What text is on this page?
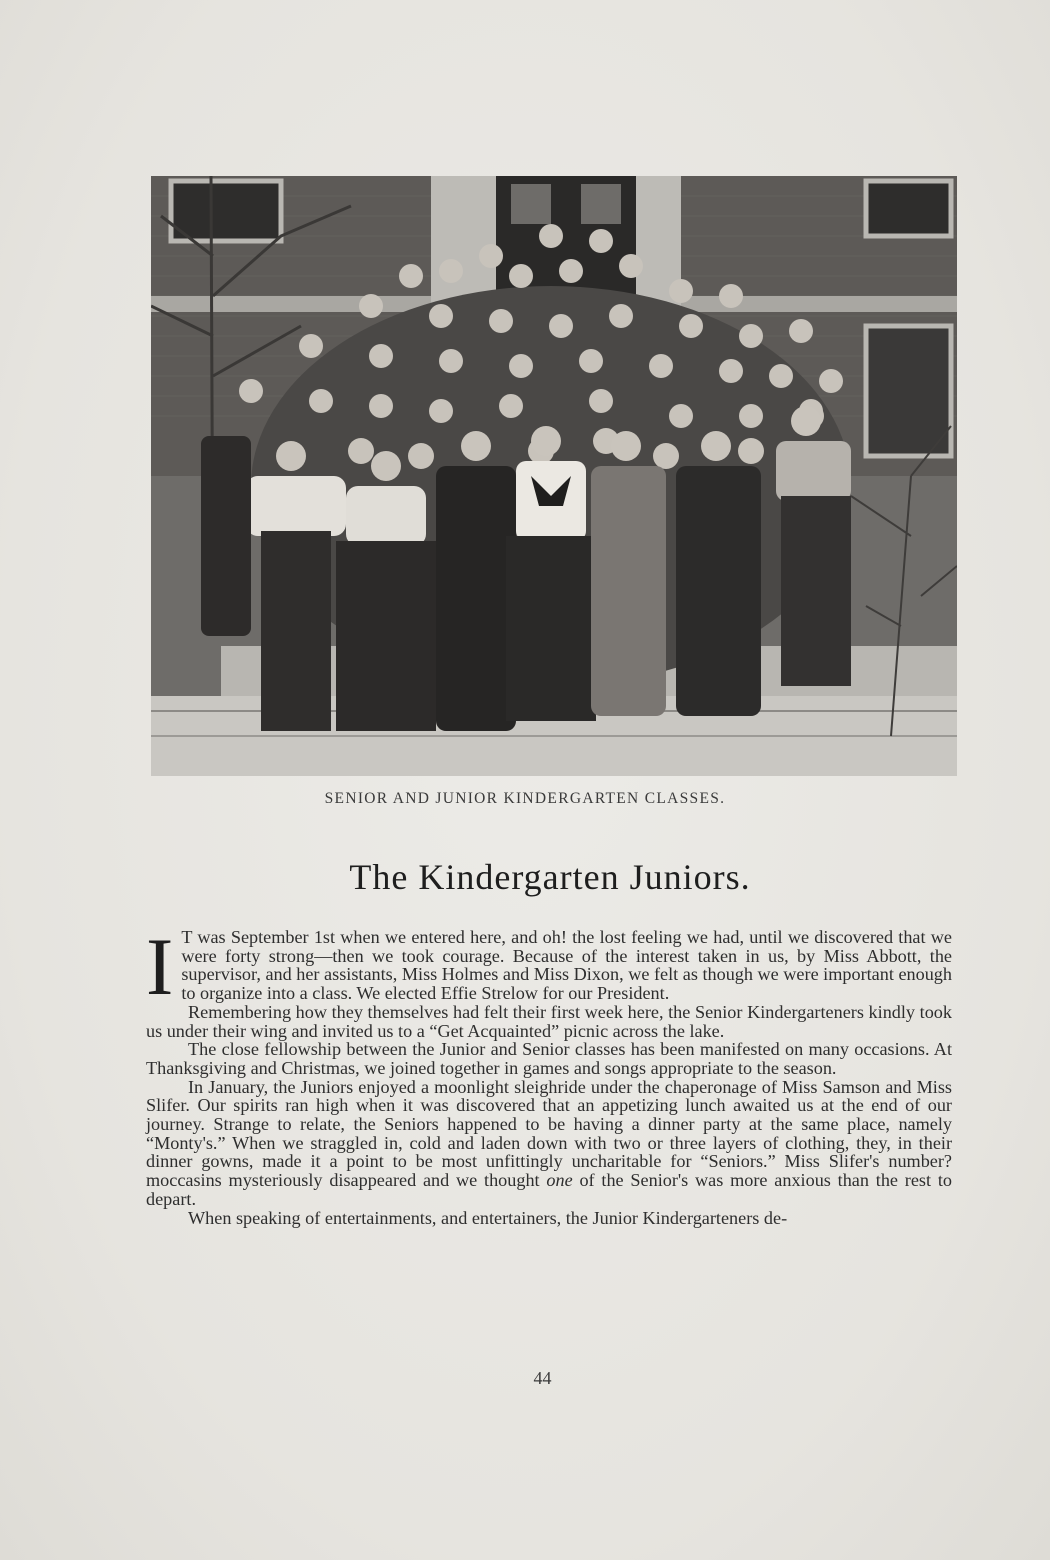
SENIOR AND JUNIOR KINDERGARTEN CLASSES.
The Kindergarten Juniors.

I T was September 1st when we entered here, and oh! the lost feeling we had, until we discovered that we were forty strong—then we took courage. Because of the interest taken in us, by Miss Abbott, the supervisor, and her assistants, Miss Holmes and Miss Dixon, we felt as though we were important enough to organize into a class. We elected Effie Strelow for our President.

Remembering how they themselves had felt their first week here, the Senior Kindergarteners kindly took us under their wing and invited us to a “Get Acquainted” picnic across the lake.

The close fellowship between the Junior and Senior classes has been manifested on many occasions. At Thanksgiving and Christmas, we joined together in games and songs appropriate to the season.

In January, the Juniors enjoyed a moonlight sleighride under the chaperonage of Miss Samson and Miss Slifer. Our spirits ran high when it was discovered that an appetizing lunch awaited us at the end of our journey. Strange to relate, the Seniors happened to be having a dinner party at the same place, namely “Monty's.” When we straggled in, cold and laden down with two or three layers of clothing, they, in their dinner gowns, made it a point to be most unfittingly uncharitable for “Seniors.” Miss Slifer's number? moccasins mysteriously disappeared and we thought one of the Senior's was more anxious than the rest to depart.

When speaking of entertainments, and entertainers, the Junior Kindergarteners de-

44
